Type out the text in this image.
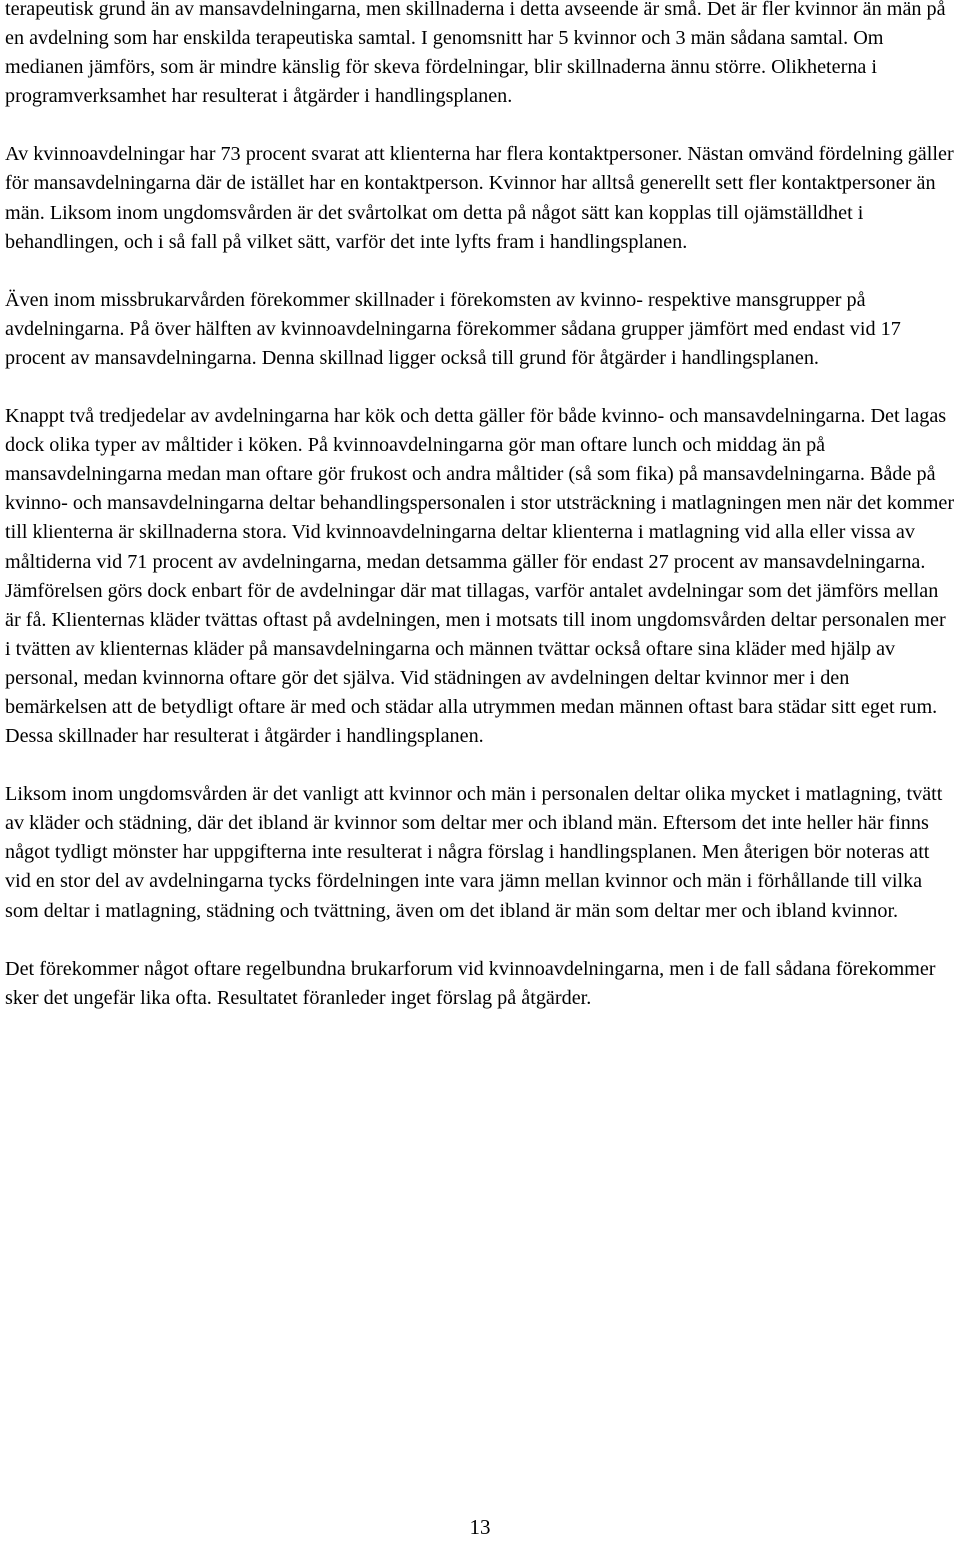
terapeutisk grund än av mansavdelningarna, men skillnaderna i detta avseende är små. Det är fler kvinnor än män på en avdelning som har enskilda terapeutiska samtal. I genomsnitt har 5 kvinnor och 3 män sådana samtal. Om medianen jämförs, som är mindre känslig för skeva fördelningar, blir skillnaderna ännu större. Olikheterna i programverksamhet har resulterat i åtgärder i handlingsplanen.

Av kvinnoavdelningar har 73 procent svarat att klienterna har flera kontaktpersoner. Nästan omvänd fördelning gäller för mansavdelningarna där de istället har en kontaktperson. Kvinnor har alltså generellt sett fler kontaktpersoner än män. Liksom inom ungdomsvården är det svårtolkat om detta på något sätt kan kopplas till ojämställdhet i behandlingen, och i så fall på vilket sätt, varför det inte lyfts fram i handlingsplanen.

Även inom missbrukarvården förekommer skillnader i förekomsten av kvinno- respektive mansgrupper på avdelningarna. På över hälften av kvinnoavdelningarna förekommer sådana grupper jämfört med endast vid 17 procent av mansavdelningarna. Denna skillnad ligger också till grund för åtgärder i handlingsplanen.

Knappt två tredjedelar av avdelningarna har kök och detta gäller för både kvinno- och mansavdelningarna. Det lagas dock olika typer av måltider i köken. På kvinnoavdelningarna gör man oftare lunch och middag än på mansavdelningarna medan man oftare gör frukost och andra måltider (så som fika) på mansavdelningarna. Både på kvinno- och mansavdelningarna deltar behandlingspersonalen i stor utsträckning i matlagningen men när det kommer till klienterna är skillnaderna stora. Vid kvinnoavdelningarna deltar klienterna i matlagning vid alla eller vissa av måltiderna vid 71 procent av avdelningarna, medan detsamma gäller för endast 27 procent av mansavdelningarna. Jämförelsen görs dock enbart för de avdelningar där mat tillagas, varför antalet avdelningar som det jämförs mellan är få. Klienternas kläder tvättas oftast på avdelningen, men i motsats till inom ungdomsvården deltar personalen mer i tvätten av klienternas kläder på mansavdelningarna och männen tvättar också oftare sina kläder med hjälp av personal, medan kvinnorna oftare gör det själva. Vid städningen av avdelningen deltar kvinnor mer i den bemärkelsen att de betydligt oftare är med och städar alla utrymmen medan männen oftast bara städar sitt eget rum. Dessa skillnader har resulterat i åtgärder i handlingsplanen.

Liksom inom ungdomsvården är det vanligt att kvinnor och män i personalen deltar olika mycket i matlagning, tvätt av kläder och städning, där det ibland är kvinnor som deltar mer och ibland män. Eftersom det inte heller här finns något tydligt mönster har uppgifterna inte resulterat i några förslag i handlingsplanen. Men återigen bör noteras att vid en stor del av avdelningarna tycks fördelningen inte vara jämn mellan kvinnor och män i förhållande till vilka som deltar i matlagning, städning och tvättning, även om det ibland är män som deltar mer och ibland kvinnor.

Det förekommer något oftare regelbundna brukarforum vid kvinnoavdelningarna, men i de fall sådana förekommer sker det ungefär lika ofta. Resultatet föranleder inget förslag på åtgärder.

13
